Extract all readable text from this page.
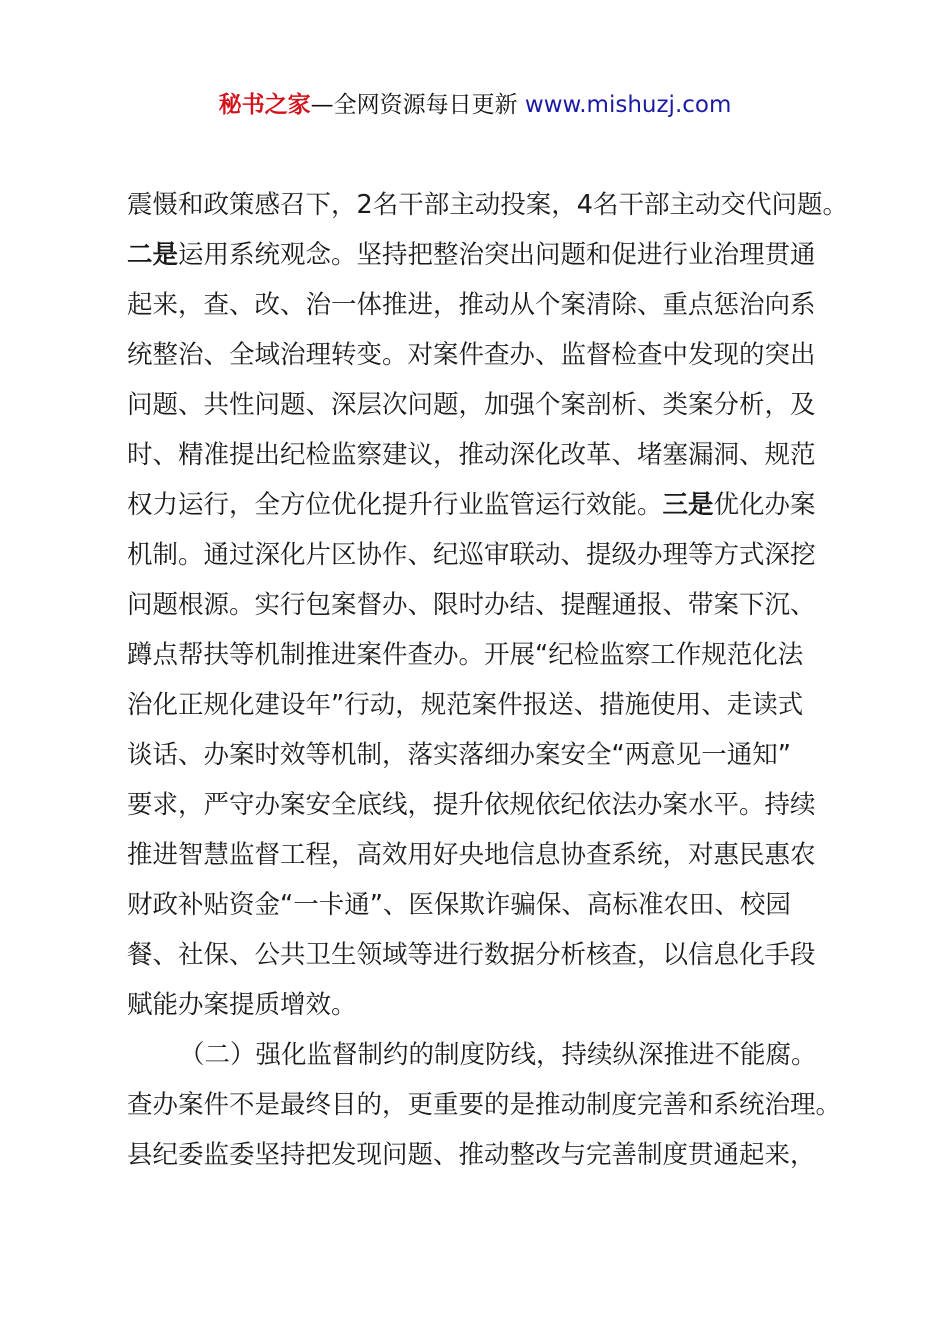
秘书之家—全网资源每日更新 www.mishuzj.com
震慑和政策感召下，2名干部主动投案，4名干部主动交代问题。
二是运用系统观念。坚持把整治突出问题和促进行业治理贯通
起来，查、改、治一体推进，推动从个案清除、重点惩治向系
统整治、全域治理转变。对案件查办、监督检查中发现的突出
问题、共性问题、深层次问题，加强个案剖析、类案分析，及
时、精准提出纪检监察建议，推动深化改革、堵塞漏洞、规范
权力运行，全方位优化提升行业监管运行效能。三是优化办案
机制。通过深化片区协作、纪巡审联动、提级办理等方式深挖
问题根源。实行包案督办、限时办结、提醒通报、带案下沉、
蹲点帮扶等机制推进案件查办。开展“纪检监察工作规范化法
治化正规化建设年”行动，规范案件报送、措施使用、走读式
谈话、办案时效等机制，落实落细办案安全“两意见一通知”
要求，严守办案安全底线，提升依规依纪依法办案水平。持续
推进智慧监督工程，高效用好央地信息协查系统，对惠民惠农
财政补贴资金“一卡通”、医保欺诈骗保、高标准农田、校园
餐、社保、公共卫生领域等进行数据分析核查，以信息化手段
赋能办案提质增效。
（二）强化监督制约的制度防线，持续纵深推进不能腐。
查办案件不是最终目的，更重要的是推动制度完善和系统治理。
县纪委监委坚持把发现问题、推动整改与完善制度贯通起来，
